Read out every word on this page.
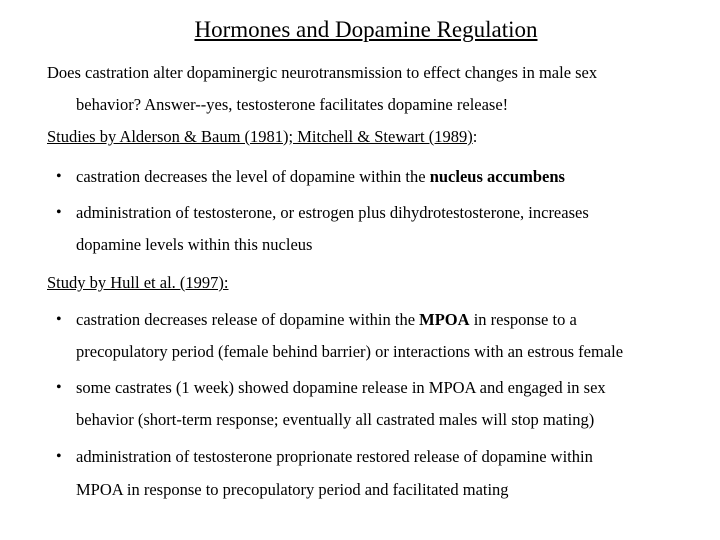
Hormones and Dopamine Regulation
Does castration alter dopaminergic neurotransmission to effect changes in male sex
behavior? Answer--yes, testosterone facilitates dopamine release!
Studies by Alderson & Baum (1981); Mitchell & Stewart (1989):
• castration decreases the level of dopamine within the nucleus accumbens
• administration of testosterone, or estrogen plus dihydrotestosterone, increases
dopamine levels within this nucleus
Study by Hull et al. (1997):
• castration decreases release of dopamine within the MPOA in response to a
precopulatory period (female behind barrier) or interactions with an estrous female
• some castrates (1 week) showed dopamine release in MPOA and engaged in sex
behavior (short-term response; eventually all castrated males will stop mating)
• administration of testosterone proprionate restored release of dopamine within
MPOA in response to precopulatory period and facilitated mating
